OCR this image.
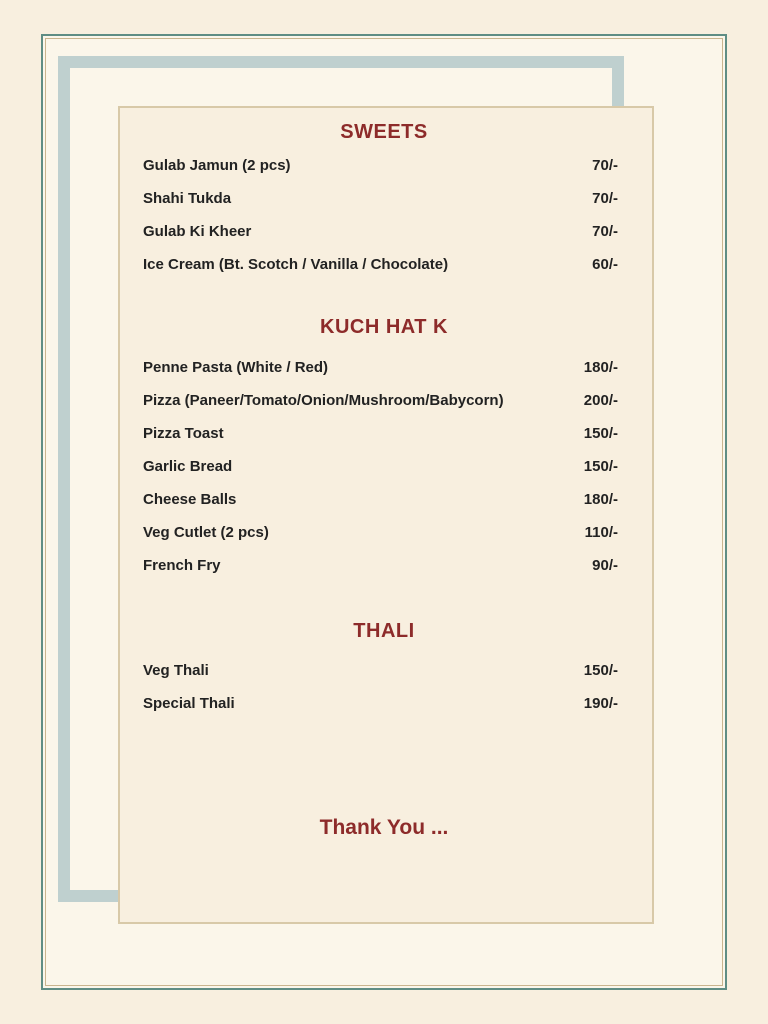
SWEETS
Gulab Jamun (2 pcs)	70/-
Shahi Tukda	70/-
Gulab Ki Kheer	70/-
Ice Cream (Bt. Scotch / Vanilla / Chocolate)	60/-
KUCH HAT K
Penne Pasta (White / Red)	180/-
Pizza (Paneer/Tomato/Onion/Mushroom/Babycorn)	200/-
Pizza Toast	150/-
Garlic Bread	150/-
Cheese Balls	180/-
Veg Cutlet (2 pcs)	110/-
French Fry	90/-
THALI
Veg Thali	150/-
Special Thali	190/-
Thank You ...
